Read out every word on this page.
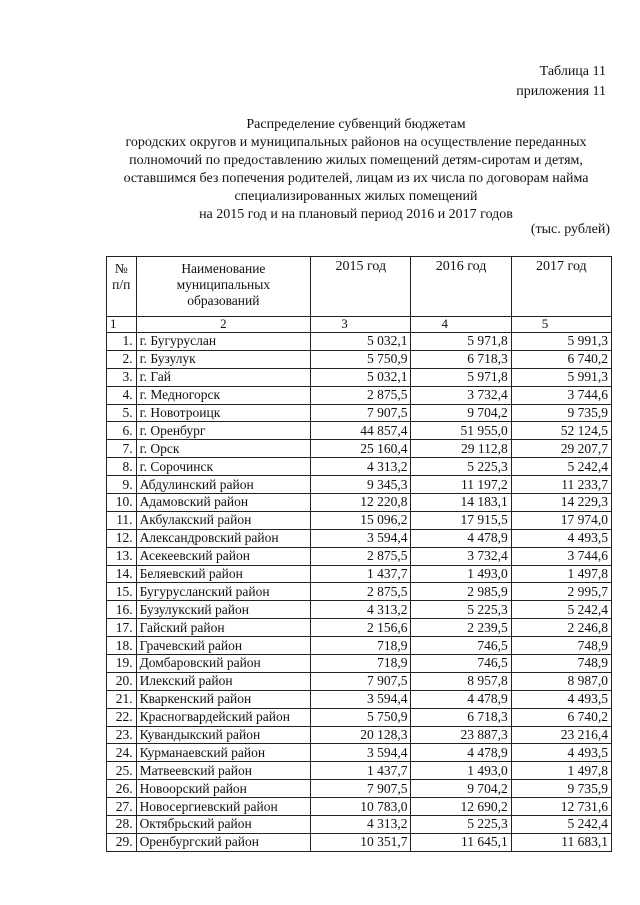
Таблица 11
приложения 11
Распределение субвенций бюджетам
городских округов и муниципальных районов на осуществление переданных
полномочий по предоставлению жилых помещений детям-сиротам и детям,
оставшимся без попечения родителей, лицам из их числа по договорам найма
специализированных жилых помещений
на 2015 год и на плановый период 2016 и 2017 годов
(тыс. рублей)
№ п/п	Наименование муниципальных образований	2015 год	2016 год	2017 год
1	2	3	4	5
1.	г. Бугуруслан	5 032,1	5 971,8	5 991,3
2.	г. Бузулук	5 750,9	6 718,3	6 740,2
3.	г. Гай	5 032,1	5 971,8	5 991,3
4.	г. Медногорск	2 875,5	3 732,4	3 744,6
5.	г. Новотроицк	7 907,5	9 704,2	9 735,9
6.	г. Оренбург	44 857,4	51 955,0	52 124,5
7.	г. Орск	25 160,4	29 112,8	29 207,7
8.	г. Сорочинск	4 313,2	5 225,3	5 242,4
9.	Абдулинский район	9 345,3	11 197,2	11 233,7
10.	Адамовский район	12 220,8	14 183,1	14 229,3
11.	Акбулакский район	15 096,2	17 915,5	17 974,0
12.	Александровский район	3 594,4	4 478,9	4 493,5
13.	Асекеевский район	2 875,5	3 732,4	3 744,6
14.	Беляевский район	1 437,7	1 493,0	1 497,8
15.	Бугурусланский район	2 875,5	2 985,9	2 995,7
16.	Бузулукский район	4 313,2	5 225,3	5 242,4
17.	Гайский район	2 156,6	2 239,5	2 246,8
18.	Грачевский район	718,9	746,5	748,9
19.	Домбаровский район	718,9	746,5	748,9
20.	Илекский район	7 907,5	8 957,8	8 987,0
21.	Кваркенский район	3 594,4	4 478,9	4 493,5
22.	Красногвардейский район	5 750,9	6 718,3	6 740,2
23.	Кувандыкский район	20 128,3	23 887,3	23 216,4
24.	Курманаевский район	3 594,4	4 478,9	4 493,5
25.	Матвеевский район	1 437,7	1 493,0	1 497,8
26.	Новоорский район	7 907,5	9 704,2	9 735,9
27.	Новосергиевский район	10 783,0	12 690,2	12 731,6
28.	Октябрьский район	4 313,2	5 225,3	5 242,4
29.	Оренбургский район	10 351,7	11 645,1	11 683,1
